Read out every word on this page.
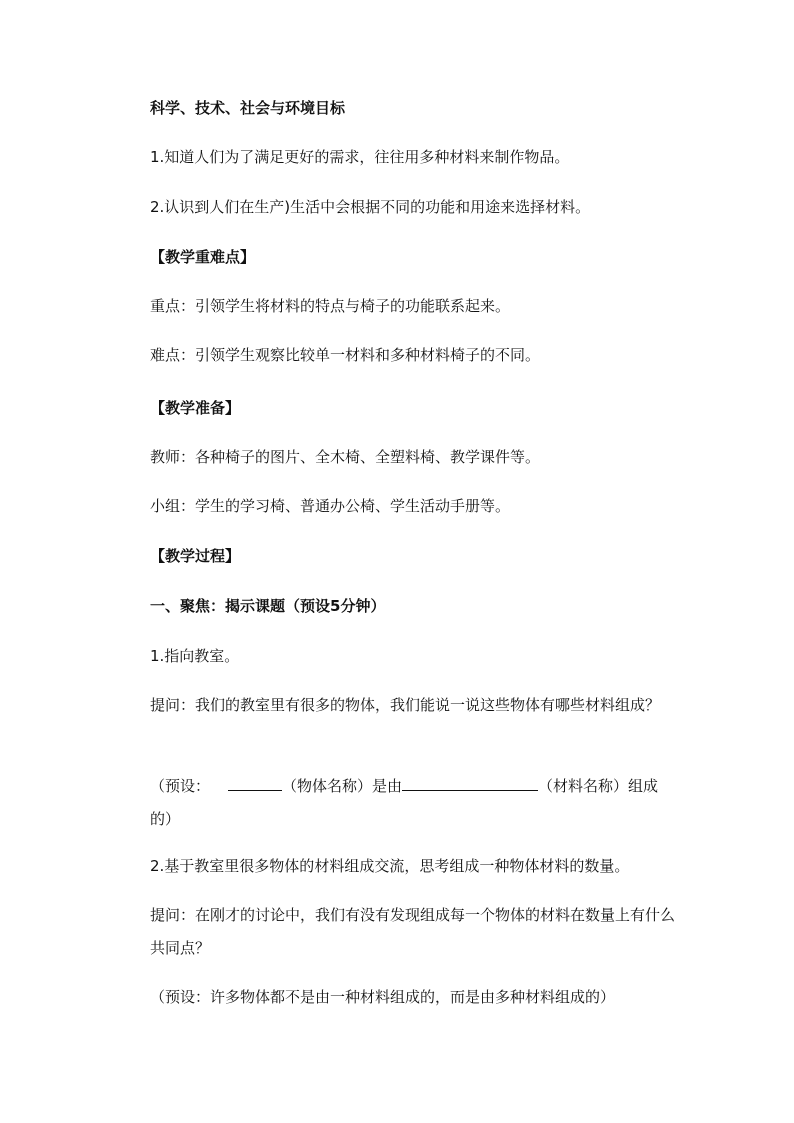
科学、技术、社会与环境目标
1.知道人们为了满足更好的需求，往往用多种材料来制作物品。
2.认识到人们在生产)生活中会根据不同的功能和用途来选择材料。
【教学重难点】
重点：引领学生将材料的特点与椅子的功能联系起来。
难点：引领学生观察比较单一材料和多种材料椅子的不同。
【教学准备】
教师：各种椅子的图片、全木椅、全塑料椅、教学课件等。
小组：学生的学习椅、普通办公椅、学生活动手册等。
【教学过程】
一、聚焦：揭示课题（预设5分钟）
1.指向教室。
提问：我们的教室里有很多的物体，我们能说一说这些物体有哪些材料组成？
（预设：	（物体名称）是由	（材料名称）组成的）
2.基于教室里很多物体的材料组成交流，思考组成一种物体材料的数量。
提问：在刚才的讨论中，我们有没有发现组成每一个物体的材料在数量上有什么共同点？
（预设：许多物体都不是由一种材料组成的，而是由多种材料组成的）
